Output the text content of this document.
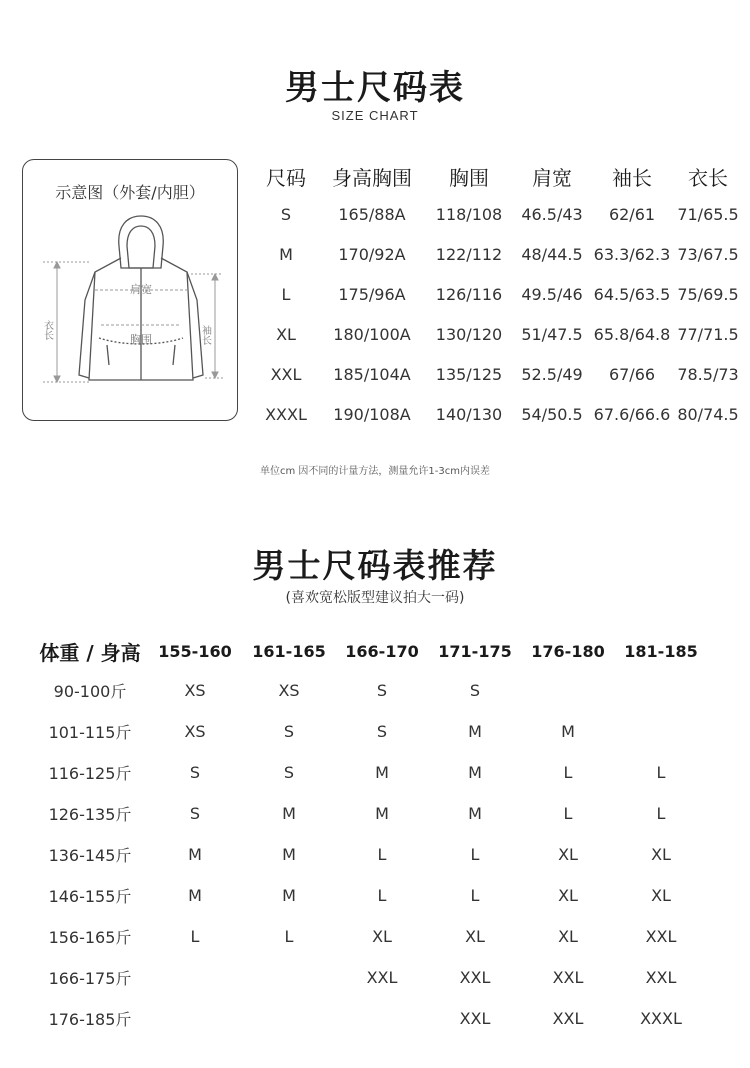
男士尺码表
SIZE CHART
示意图（外套/内胆）
肩宽
胸围
衣长	袖长
尺码	身高胸围	胸围	肩宽	袖长	衣长
S	165/88A	118/108	46.5/43	62/61	71/65.5
M	170/92A	122/112	48/44.5	63.3/62.3	73/67.5
L	175/96A	126/116	49.5/46	64.5/63.5	75/69.5
XL	180/100A	130/120	51/47.5	65.8/64.8	77/71.5
XXL	185/104A	135/125	52.5/49	67/66	78.5/73
XXXL	190/108A	140/130	54/50.5	67.6/66.6	80/74.5
单位cm 因不同的计量方法，测量允许1-3cm内误差
男士尺码表推荐
(喜欢宽松版型建议拍大一码)
体重 / 身高	155-160	161-165	166-170	171-175	176-180	181-185
90-100斤	XS	XS	S	S		
101-115斤	XS	S	S	M	M	
116-125斤	S	S	M	M	L	L
126-135斤	S	M	M	M	L	L
136-145斤	M	M	L	L	XL	XL
146-155斤	M	M	L	L	XL	XL
156-165斤	L	L	XL	XL	XL	XXL
166-175斤			XXL	XXL	XXL	XXL
176-185斤				XXL	XXL	XXXL
